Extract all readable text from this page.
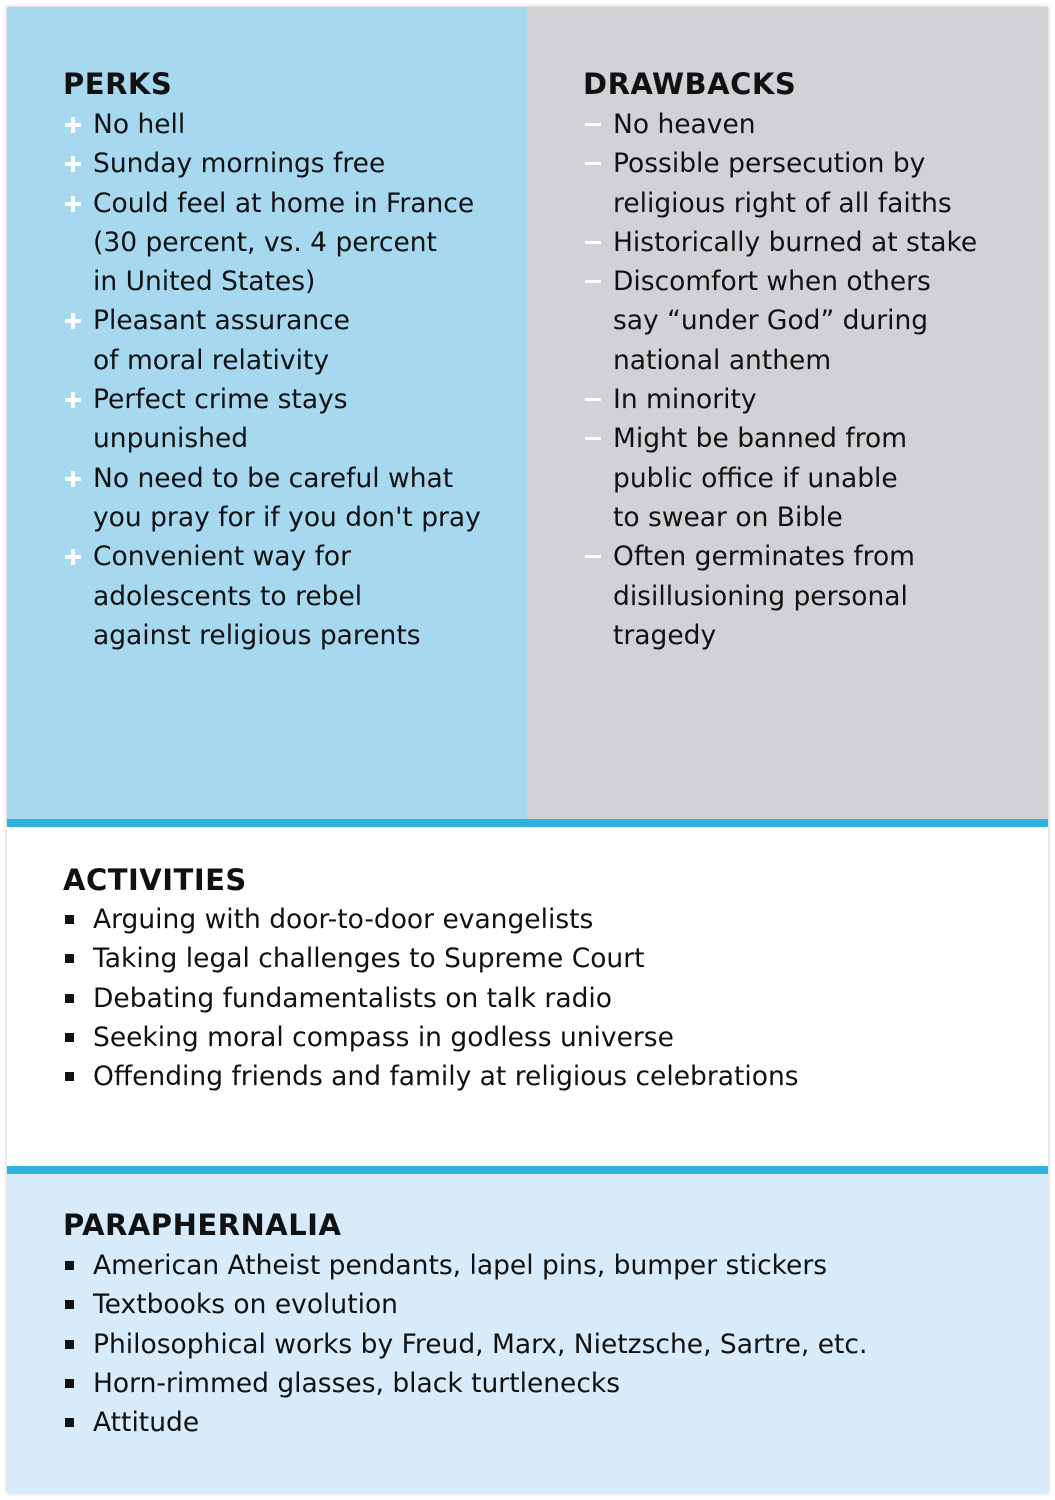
PERKS
No hell
Sunday mornings free
Could feel at home in France
(30 percent, vs. 4 percent
in United States)
Pleasant assurance
of moral relativity
Perfect crime stays
unpunished
No need to be careful what
you pray for if you don't pray
Convenient way for
adolescents to rebel
against religious parents
DRAWBACKS
No heaven
Possible persecution by
religious right of all faiths
Historically burned at stake
Discomfort when others
say “under God” during
national anthem
In minority
Might be banned from
public office if unable
to swear on Bible
Often germinates from
disillusioning personal
tragedy
ACTIVITIES
Arguing with door-to-door evangelists
Taking legal challenges to Supreme Court
Debating fundamentalists on talk radio
Seeking moral compass in godless universe
Offending friends and family at religious celebrations
PARAPHERNALIA
American Atheist pendants, lapel pins, bumper stickers
Textbooks on evolution
Philosophical works by Freud, Marx, Nietzsche, Sartre, etc.
Horn-rimmed glasses, black turtlenecks
Attitude
